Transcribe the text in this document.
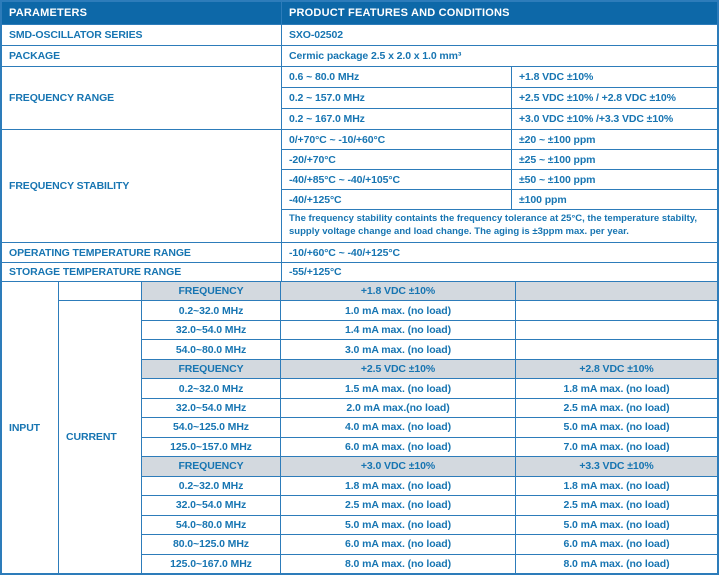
PARAMETERS	PRODUCT FEATURES AND CONDITIONS
SMD-OSCILLATOR SERIES	SXO-02502
PACKAGE	Cermic package 2.5 x 2.0 x 1.0 mm³
FREQUENCY RANGE
0.6 ~ 80.0 MHz	+1.8 VDC ±10%
0.2 ~ 157.0 MHz	+2.5 VDC ±10% / +2.8 VDC ±10%
0.2 ~ 167.0 MHz	+3.0 VDC ±10% /+3.3 VDC ±10%
FREQUENCY STABILITY
0/+70°C ~ -10/+60°C	±20 ~ ±100 ppm
-20/+70°C	±25 ~ ±100 ppm
-40/+85°C ~ -40/+105°C	±50 ~ ±100 ppm
-40/+125°C	±100 ppm
The frequency stability containts the frequency tolerance at 25°C, the temperature stabilty, supply voltage change and load change. The aging is ±3ppm max. per year.
OPERATING TEMPERATURE RANGE	-10/+60°C ~ -40/+125°C
STORAGE TEMPERATURE RANGE	-55/+125°C
INPUT
CURRENT
FREQUENCY	+1.8 VDC ±10%
0.2~32.0 MHz	1.0 mA max. (no load)
32.0~54.0 MHz	1.4 mA max. (no load)
54.0~80.0 MHz	3.0 mA max. (no load)
FREQUENCY	+2.5 VDC ±10%	+2.8 VDC ±10%
0.2~32.0 MHz	1.5 mA max. (no load)	1.8 mA max. (no load)
32.0~54.0 MHz	2.0 mA max.(no load)	2.5 mA max. (no load)
54.0~125.0 MHz	4.0 mA max. (no load)	5.0 mA max. (no load)
125.0~157.0 MHz	6.0 mA max. (no load)	7.0 mA max. (no load)
FREQUENCY	+3.0 VDC ±10%	+3.3 VDC ±10%
0.2~32.0 MHz	1.8 mA max. (no load)	1.8 mA max. (no load)
32.0~54.0 MHz	2.5 mA max. (no load)	2.5 mA max. (no load)
54.0~80.0 MHz	5.0 mA max. (no load)	5.0 mA max. (no load)
80.0~125.0 MHz	6.0 mA max. (no load)	6.0 mA max. (no load)
125.0~167.0 MHz	8.0 mA max. (no load)	8.0 mA max. (no load)
